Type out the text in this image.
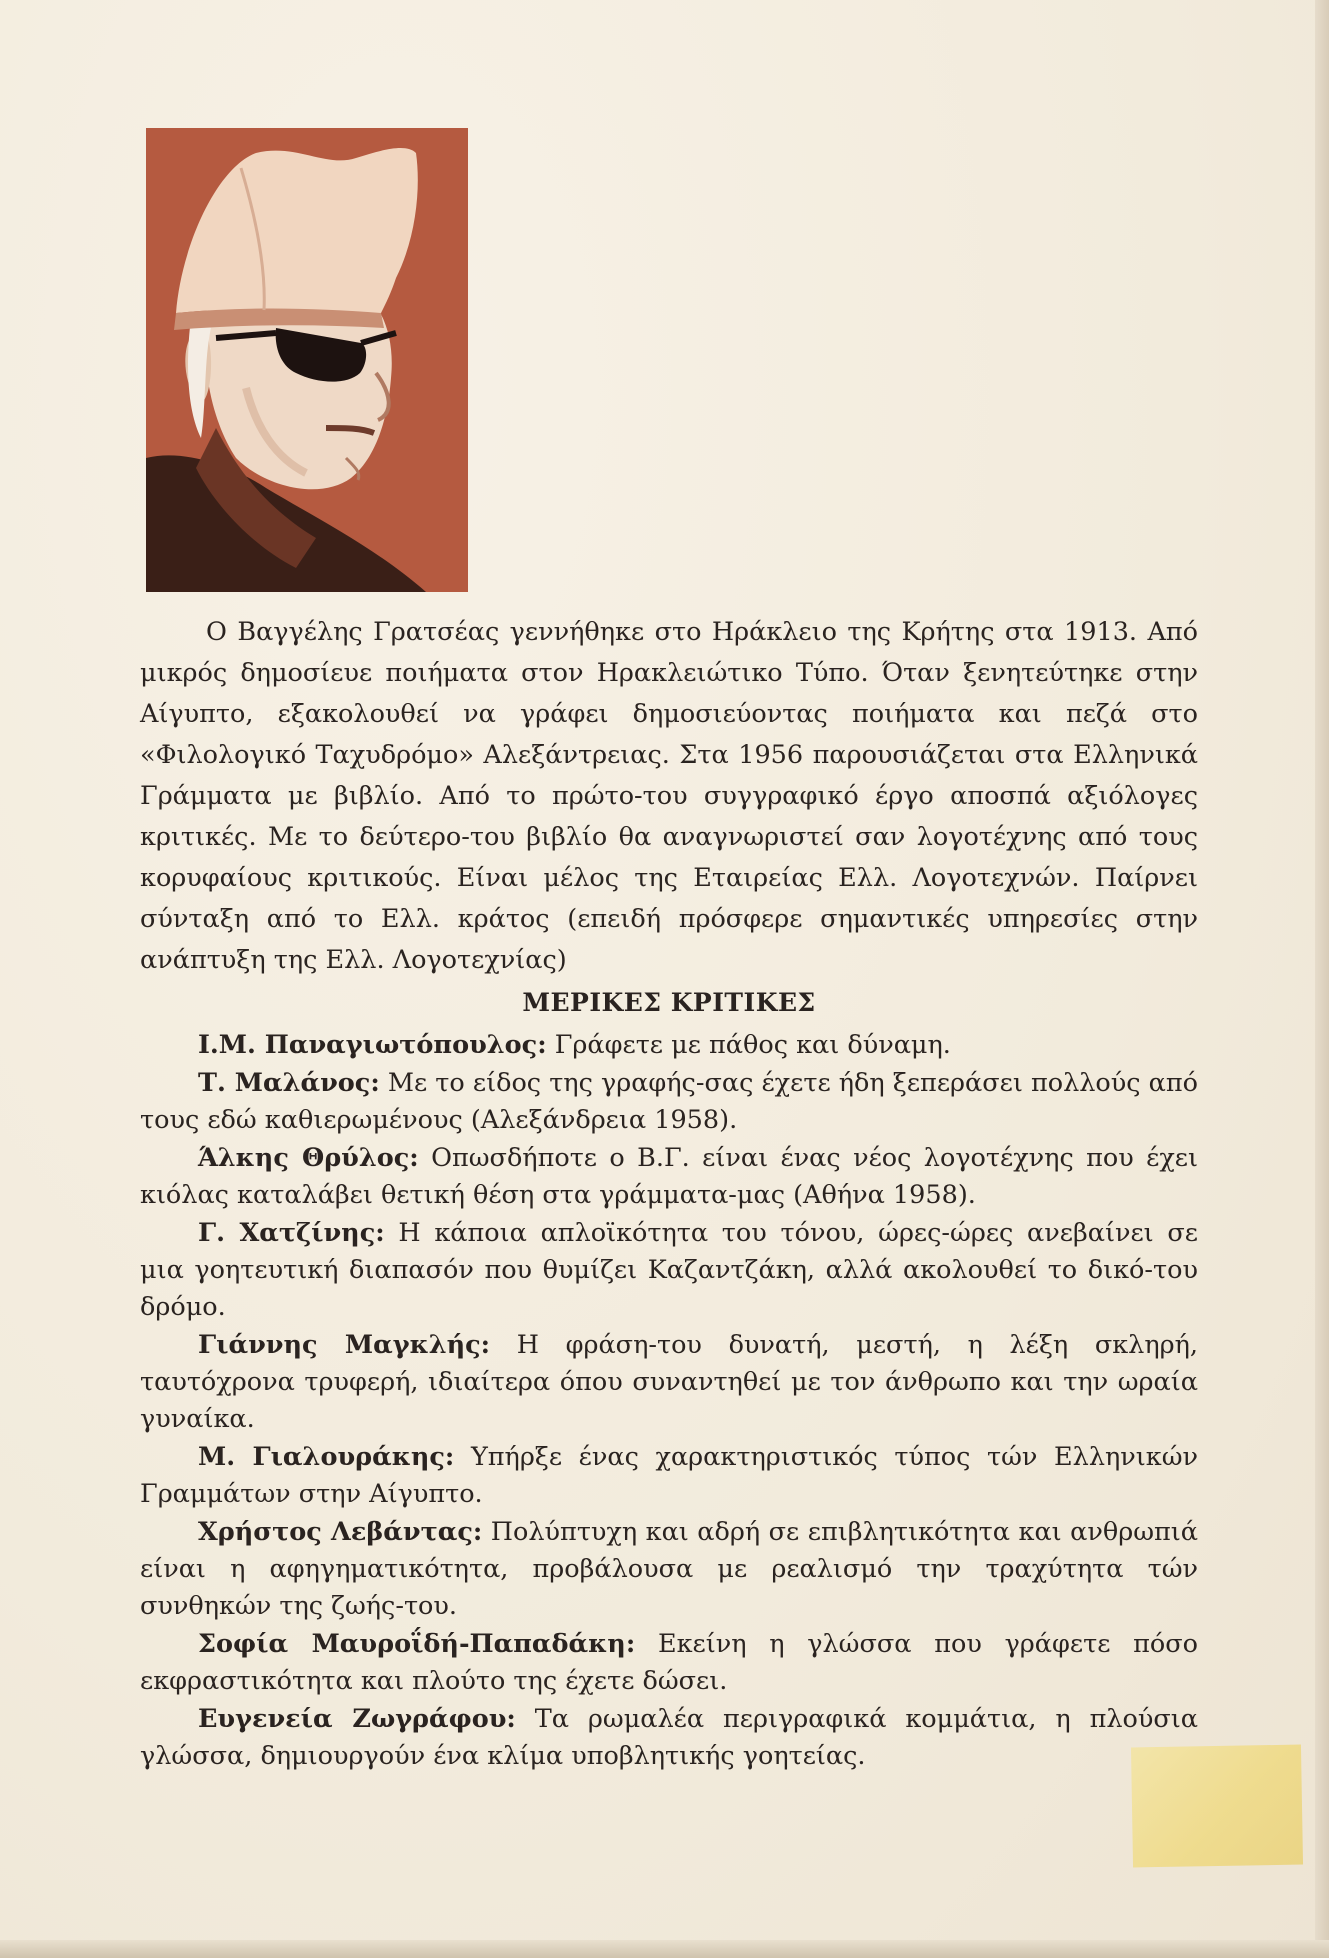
Ο Βαγγέλης Γρατσέας γεννήθηκε στο Ηράκλειο της Κρήτης στα 1913. Από μικρός δημοσίευε ποιήματα στον Ηρακλειώτικο Τύπο. Όταν ξενητεύτηκε στην Αίγυπτο, εξακολουθεί να γράφει δημοσιεύοντας ποιήματα και πεζά στο «Φιλολογικό Ταχυδρόμο» Αλεξάντρειας. Στα 1956 παρουσιάζεται στα Ελληνικά Γράμματα με βιβλίο. Από το πρώτο-του συγγραφικό έργο αποσπά αξιόλογες κριτικές. Με το δεύτερο-του βιβλίο θα αναγνωριστεί σαν λογοτέχνης από τους κορυφαίους κριτικούς. Είναι μέλος της Εταιρείας Ελλ. Λογοτεχνών. Παίρνει σύνταξη από το Ελλ. κράτος (επειδή πρόσφερε σημαντικές υπηρεσίες στην ανάπτυξη της Ελλ. Λογοτεχνίας)

ΜΕΡΙΚΕΣ ΚΡΙΤΙΚΕΣ

Ι.Μ. Παναγιωτόπουλος: Γράφετε με πάθος και δύναμη.

Τ. Μαλάνος: Με το είδος της γραφής-σας έχετε ήδη ξεπεράσει πολλούς από τους εδώ καθιερωμένους (Αλεξάνδρεια 1958).

Άλκης Θρύλος: Οπωσδήποτε ο Β.Γ. είναι ένας νέος λογοτέχνης που έχει κιόλας καταλάβει θετική θέση στα γράμματα-μας (Αθήνα 1958).

Γ. Χατζίνης: Η κάποια απλοϊκότητα του τόνου, ώρες-ώρες ανεβαίνει σε μια γοητευτική διαπασόν που θυμίζει Καζαντζάκη, αλλά ακολουθεί το δικό-του δρόμο.

Γιάννης Μαγκλής: Η φράση-του δυνατή, μεστή, η λέξη σκληρή, ταυτόχρονα τρυφερή, ιδιαίτερα όπου συναντηθεί με τον άνθρωπο και την ωραία γυναίκα.

Μ. Γιαλουράκης: Υπήρξε ένας χαρακτηριστικός τύπος τών Ελληνικών Γραμμάτων στην Αίγυπτο.

Χρήστος Λεβάντας: Πολύπτυχη και αδρή σε επιβλητικότητα και ανθρωπιά είναι η αφηγηματικότητα, προβάλουσα με ρεαλισμό την τραχύτητα τών συνθηκών της ζωής-του.

Σοφία Μαυροΐδή-Παπαδάκη: Εκείνη η γλώσσα που γράφετε πόσο εκφραστικότητα και πλούτο της έχετε δώσει.

Ευγενεία Ζωγράφου: Τα ρωμαλέα περιγραφικά κομμάτια, η πλούσια γλώσσα, δημιουργούν ένα κλίμα υποβλητικής γοητείας.
